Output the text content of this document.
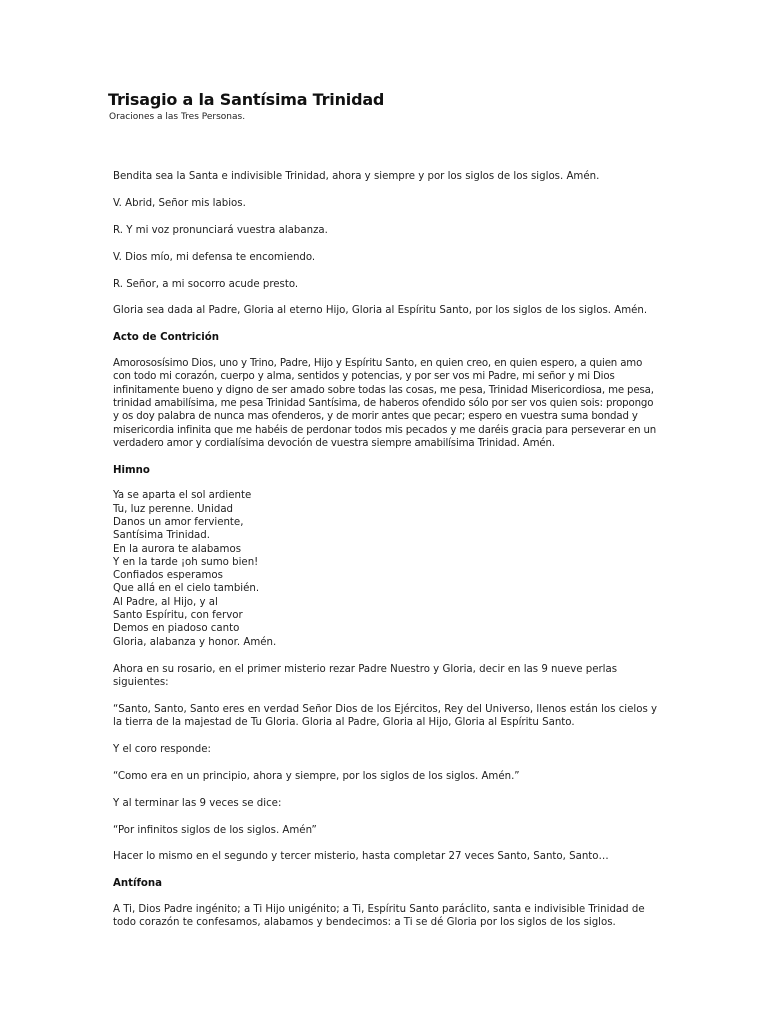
Trisagio a la Santísima Trinidad
Oraciones a las Tres Personas.

Bendita sea la Santa e indivisible Trinidad, ahora y siempre y por los siglos de los siglos. Amén.

V. Abrid, Señor mis labios.

R. Y mi voz pronunciará vuestra alabanza.

V. Dios mío, mi defensa te encomiendo.

R. Señor, a mi socorro acude presto.

Gloria sea dada al Padre, Gloria al eterno Hijo, Gloria al Espíritu Santo, por los siglos de los siglos. Amén.

Acto de Contrición

Amorososísimo Dios, uno y Trino, Padre, Hijo y Espíritu Santo, en quien creo, en quien espero, a quien amo con todo mi corazón, cuerpo y alma, sentidos y potencias, y por ser vos mi Padre, mi señor y mi Dios infinitamente bueno y digno de ser amado sobre todas las cosas, me pesa, Trinidad Misericordiosa, me pesa, trinidad amabilísima, me pesa Trinidad Santísima, de haberos ofendido sólo por ser vos quien sois: propongo y os doy palabra de nunca mas ofenderos, y de morir antes que pecar; espero en vuestra suma bondad y misericordia infinita que me habéis de perdonar todos mis pecados y me daréis gracia para perseverar en un verdadero amor y cordialísima devoción de vuestra siempre amabilísima Trinidad. Amén.

Himno
Ya se aparta el sol ardiente
Tu, luz perenne. Unidad
Danos un amor ferviente,
Santísima Trinidad.
En la aurora te alabamos
Y en la tarde ¡oh sumo bien!
Confiados esperamos
Que allá en el cielo también.
Al Padre, al Hijo, y al
Santo Espíritu, con fervor
Demos en piadoso canto
Gloria, alabanza y honor. Amén.

Ahora en su rosario, en el primer misterio rezar Padre Nuestro y Gloria, decir en las 9 nueve perlas siguientes:

“Santo, Santo, Santo eres en verdad Señor Dios de los Ejércitos, Rey del Universo, llenos están los cielos y la tierra de la majestad de Tu Gloria. Gloria al Padre, Gloria al Hijo, Gloria al Espíritu Santo.

Y el coro responde:

“Como era en un principio, ahora y siempre, por los siglos de los siglos. Amén.”

Y al terminar las 9 veces se dice:

“Por infinitos siglos de los siglos. Amén”

Hacer lo mismo en el segundo y tercer misterio, hasta completar 27 veces Santo, Santo, Santo…

Antífona

A Ti, Dios Padre ingénito; a Ti Hijo unigénito; a Ti, Espíritu Santo paráclito, santa e indivisible Trinidad de todo corazón te confesamos, alabamos y bendecimos: a Ti se dé Gloria por los siglos de los siglos.
